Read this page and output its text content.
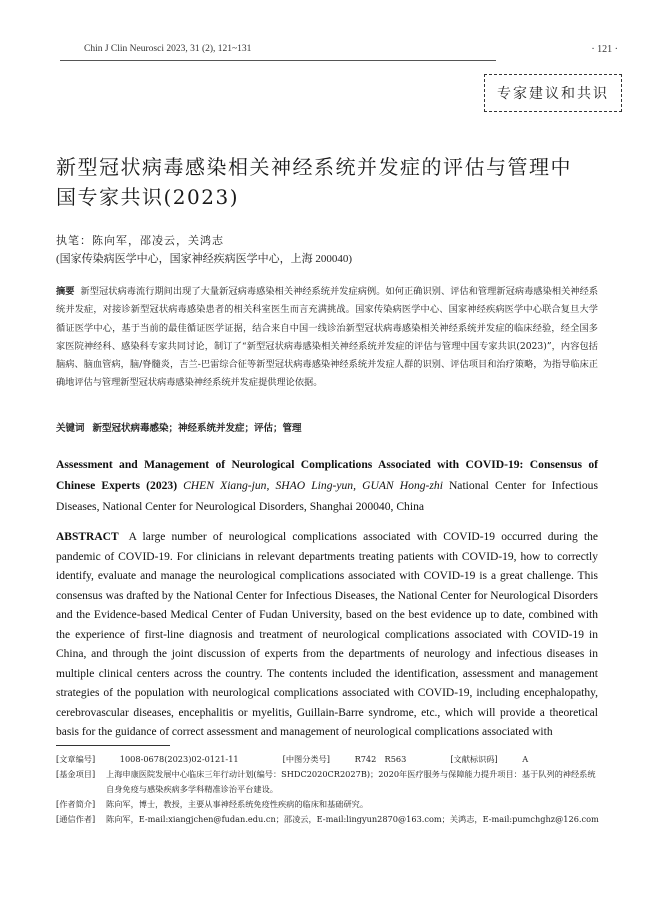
Chin J Clin Neurosci 2023, 31 (2), 121~131	· 121 ·
专家建议和共识
新型冠状病毒感染相关神经系统并发症的评估与管理中国专家共识(2023)
执笔：陈向军，邵凌云，关鸿志
(国家传染病医学中心，国家神经疾病医学中心，上海 200040)
摘要 新型冠状病毒流行期间出现了大量新冠病毒感染相关神经系统并发症病例。如何正确识别、评估和管理新冠病毒感染相关神经系统并发症，对接诊新型冠状病毒感染患者的相关科室医生而言充满挑战。国家传染病医学中心、国家神经疾病医学中心联合复旦大学循证医学中心，基于当前的最佳循证医学证据，结合来自中国一线诊治新型冠状病毒感染相关神经系统并发症的临床经验，经全国多家医院神经科、感染科专家共同讨论，制订了“新型冠状病毒感染相关神经系统并发症的评估与管理中国专家共识(2023)”，内容包括脑病、脑血管病，脑/脊髓炎，吉兰-巴雷综合征等新型冠状病毒感染神经系统并发症人群的识别、评估项目和治疗策略，为指导临床正确地评估与管理新型冠状病毒感染神经系统并发症提供理论依据。
关键词 新型冠状病毒感染；神经系统并发症；评估；管理
Assessment and Management of Neurological Complications Associated with COVID-19: Consensus of Chinese Experts (2023) CHEN Xiang-jun, SHAO Ling-yun, GUAN Hong-zhi National Center for Infectious Diseases, National Center for Neurological Disorders, Shanghai 200040, China
ABSTRACT A large number of neurological complications associated with COVID-19 occurred during the pandemic of COVID-19. For clinicians in relevant departments treating patients with COVID-19, how to correctly identify, evaluate and manage the neurological complications associated with COVID-19 is a great challenge. This consensus was drafted by the National Center for Infectious Diseases, the National Center for Neurological Disorders and the Evidence-based Medical Center of Fudan University, based on the best evidence up to date, combined with the experience of first-line diagnosis and treatment of neurological complications associated with COVID-19 in China, and through the joint discussion of experts from the departments of neurology and infectious diseases in multiple clinical centers across the country. The contents included the identification, assessment and management strategies of the population with neurological complications associated with COVID-19, including encephalopathy, cerebrovascular diseases, encephalitis or myelitis, Guillain-Barre syndrome, etc., which will provide a theoretical basis for the guidance of correct assessment and management of neurological complications associated with
[文章编号]	1008-0678(2023)02-0121-11	[中图分类号]	R742　R563	[文献标识码]	A
[基金项目]	上海申康医院发展中心临床三年行动计划(编号：SHDC2020CR2027B)；2020年医疗服务与保障能力提升项目：基于队列的神经系统自身免疫与感染疾病多学科精准诊治平台建设。
[作者简介]	陈向军，博士，教授，主要从事神经系统免疫性疾病的临床和基础研究。
[通信作者]	陈向军，E-mail:xiangjchen@fudan.edu.cn；邵凌云，E-mail:lingyun2870@163.com；关鸿志，E-mail:pumchghz@126.com
